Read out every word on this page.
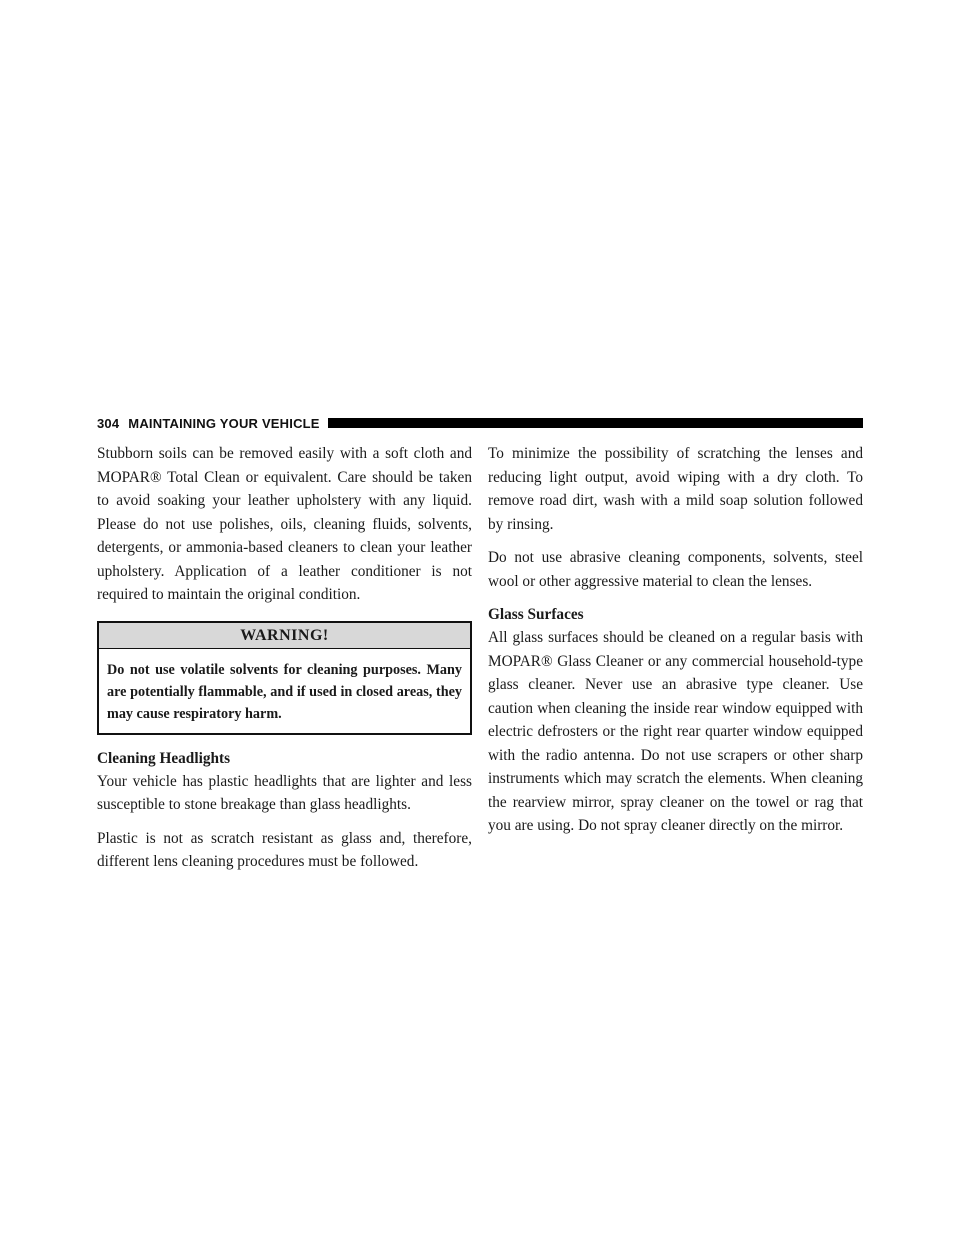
304 MAINTAINING YOUR VEHICLE

Stubborn soils can be removed easily with a soft cloth and MOPAR® Total Clean or equivalent. Care should be taken to avoid soaking your leather upholstery with any liquid. Please do not use polishes, oils, cleaning fluids, solvents, detergents, or ammonia-based cleaners to clean your leather upholstery. Application of a leather conditioner is not required to maintain the original condition.

WARNING!
Do not use volatile solvents for cleaning purposes. Many are potentially flammable, and if used in closed areas, they may cause respiratory harm.
Cleaning Headlights

Your vehicle has plastic headlights that are lighter and less susceptible to stone breakage than glass headlights.

Plastic is not as scratch resistant as glass and, therefore, different lens cleaning procedures must be followed.

To minimize the possibility of scratching the lenses and reducing light output, avoid wiping with a dry cloth. To remove road dirt, wash with a mild soap solution followed by rinsing.

Do not use abrasive cleaning components, solvents, steel wool or other aggressive material to clean the lenses.

Glass Surfaces

All glass surfaces should be cleaned on a regular basis with MOPAR® Glass Cleaner or any commercial household-type glass cleaner. Never use an abrasive type cleaner. Use caution when cleaning the inside rear window equipped with electric defrosters or the right rear quarter window equipped with the radio antenna. Do not use scrapers or other sharp instruments which may scratch the elements. When cleaning the rearview mirror, spray cleaner on the towel or rag that you are using. Do not spray cleaner directly on the mirror.
